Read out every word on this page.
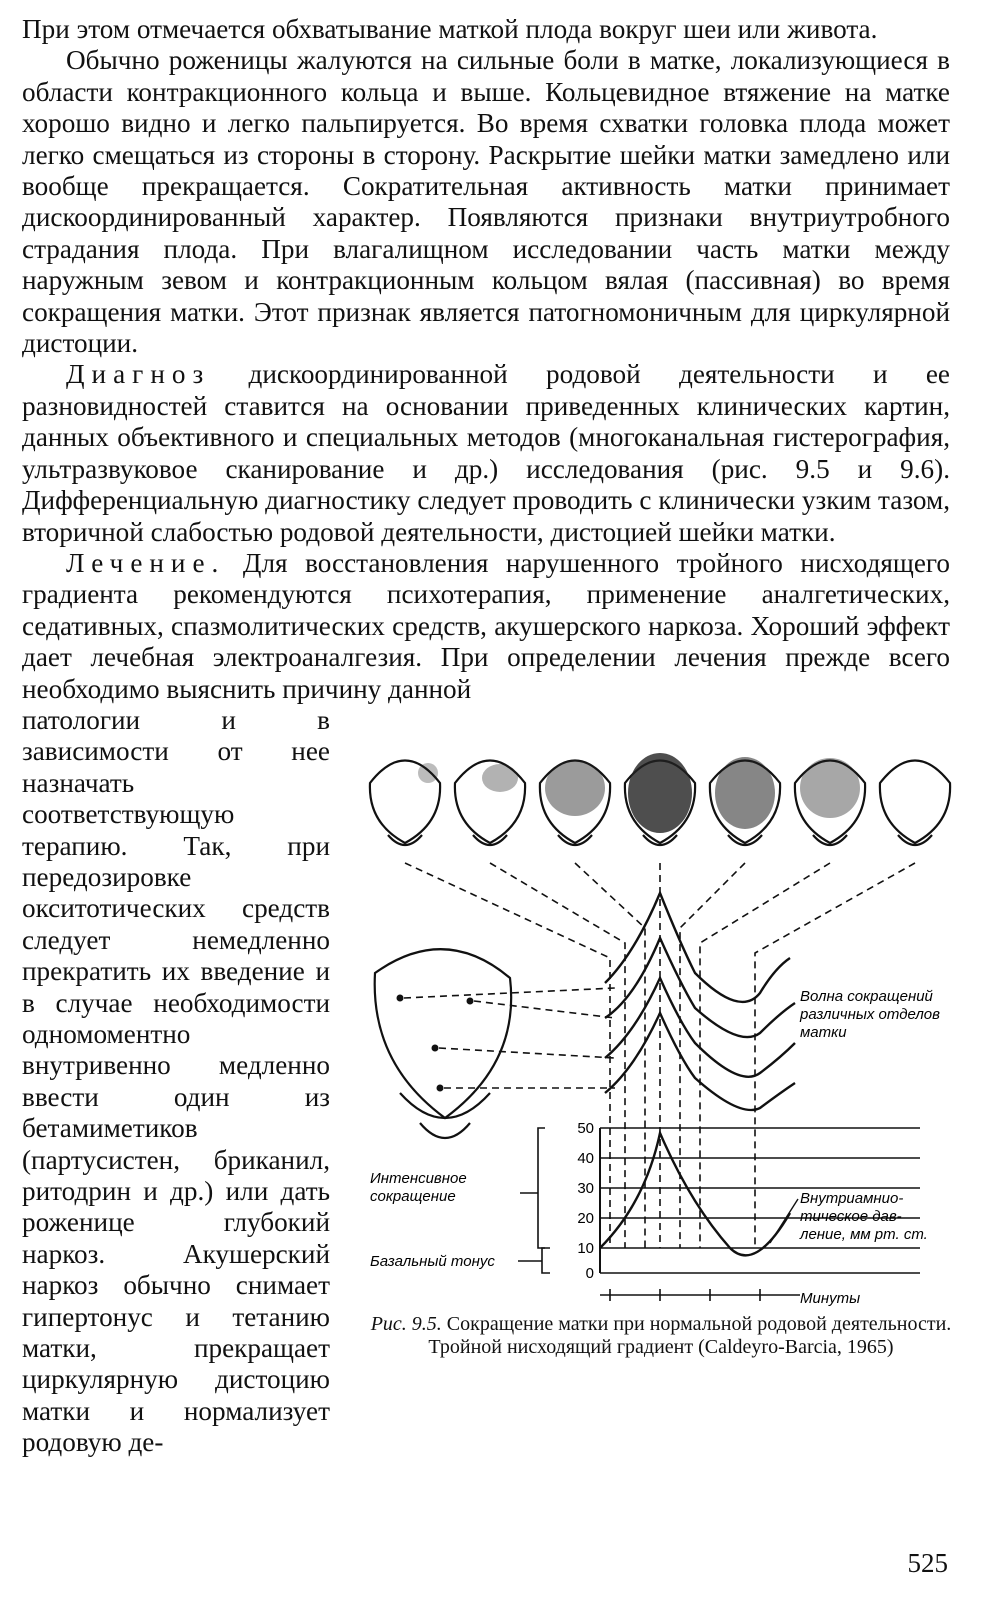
При этом отмечается обхватывание маткой плода вокруг шеи или живота.

Обычно роженицы жалуются на сильные боли в матке, локализующиеся в области контракционного кольца и выше. Кольцевидное втяжение на матке хорошо видно и легко пальпируется. Во время схватки головка плода может легко смещаться из стороны в сторону. Раскрытие шейки матки замедлено или вообще прекращается. Сократительная активность матки принимает дискоординированный характер. Появляются признаки внутриутробного страдания плода. При влагалищном исследовании часть матки между наружным зевом и контракционным кольцом вялая (пассивная) во время сокращения матки. Этот признак является патогномоничным для циркулярной дистоции.

Диагноз дискоординированной родовой деятельности и ее разновидностей ставится на основании приведенных клинических картин, данных объективного и специальных методов (многоканальная гистерография, ультразвуковое сканирование и др.) исследования (рис. 9.5 и 9.6). Дифференциальную диагностику следует проводить с клинически узким тазом, вторичной слабостью родовой деятельности, дистоцией шейки матки.

Лечение. Для восстановления нарушенного тройного нисходящего градиента рекомендуются психотерапия, применение аналгетических, седативных, спазмолитических средств, акушерского наркоза. Хороший эффект дает лечебная электроаналгезия. При определении лечения прежде всего необходимо выяснить причину данной

патологии и в зависимости от нее назначать соответствующую терапию. Так, при передозировке окситотических средств следует немедленно прекратить их введение и в случае необходимости одномоментно внутривенно медленно ввести один из бетамиметиков (партусистен, бриканил, ритодрин и др.) или дать роженице глубокий наркоз. Акушерский наркоз обычно снимает гипертонус и тетанию матки, прекращает циркулярную дистоцию матки и нормализует родовую де-

Волна сокращений
различных отделов
матки
50
40
30
20
10
0
Интенсивное
сокращение
Базальный тонус
Внутриамнио-
тическое дав-
ление, мм рт. ст.
Минуты
Рис. 9.5. Сокращение матки при нормальной родовой деятельности. Тройной нисходящий градиент (Caldeyro-Barcia, 1965)
525
